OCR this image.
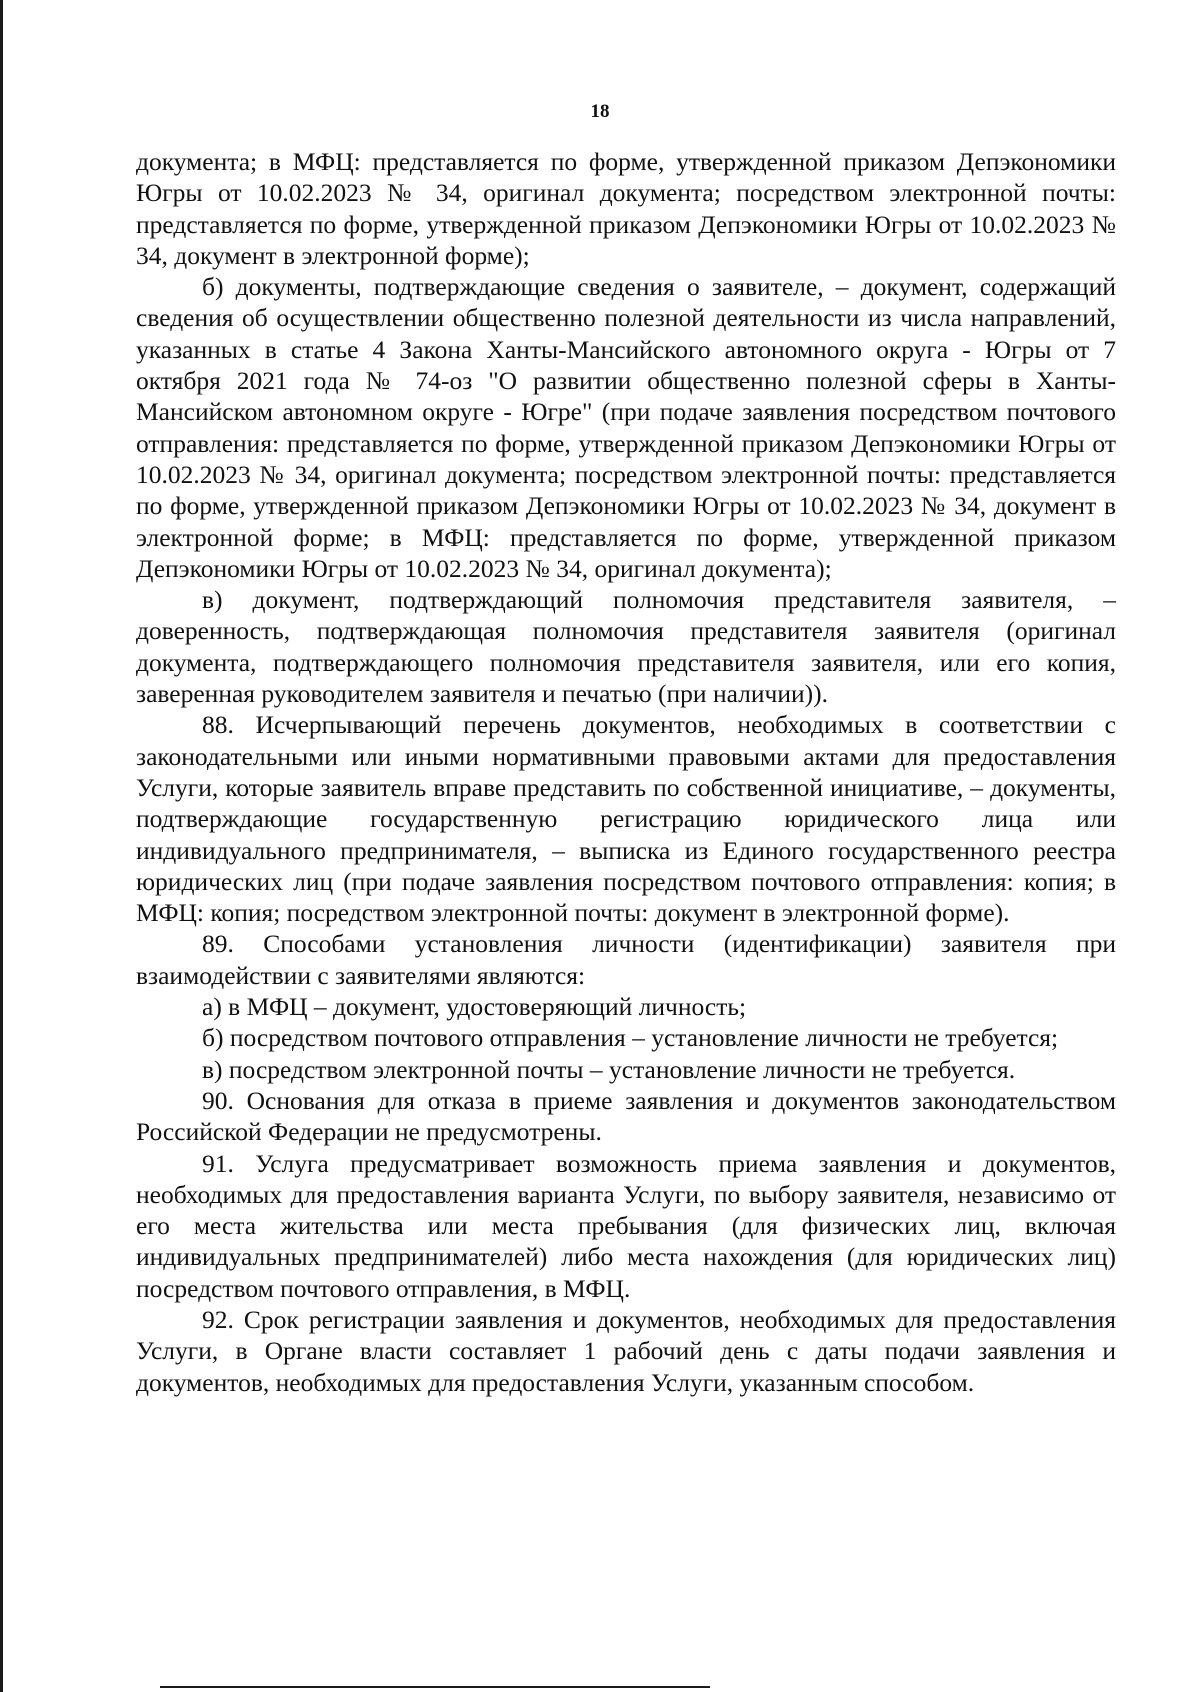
18

документа; в МФЦ: представляется по форме, утвержденной приказом Депэкономики Югры от 10.02.2023 № 34, оригинал документа; посредством электронной почты: представляется по форме, утвержденной приказом Депэкономики Югры от 10.02.2023 № 34, документ в электронной форме);

б) документы, подтверждающие сведения о заявителе, – документ, содержащий сведения об осуществлении общественно полезной деятельности из числа направлений, указанных в статье 4 Закона Ханты-Мансийского автономного округа - Югры от 7 октября 2021 года № 74-оз "О развитии общественно полезной сферы в Ханты-Мансийском автономном округе - Югре" (при подаче заявления посредством почтового отправления: представляется по форме, утвержденной приказом Депэкономики Югры от 10.02.2023 № 34, оригинал документа; посредством электронной почты: представляется по форме, утвержденной приказом Депэкономики Югры от 10.02.2023 № 34, документ в электронной форме; в МФЦ: представляется по форме, утвержденной приказом Депэкономики Югры от 10.02.2023 № 34, оригинал документа);

в) документ, подтверждающий полномочия представителя заявителя, – доверенность, подтверждающая полномочия представителя заявителя (оригинал документа, подтверждающего полномочия представителя заявителя, или его копия, заверенная руководителем заявителя и печатью (при наличии)).

88. Исчерпывающий перечень документов, необходимых в соответствии с законодательными или иными нормативными правовыми актами для предоставления Услуги, которые заявитель вправе представить по собственной инициативе, – документы, подтверждающие государственную регистрацию юридического лица или индивидуального предпринимателя, – выписка из Единого государственного реестра юридических лиц (при подаче заявления посредством почтового отправления: копия; в МФЦ: копия; посредством электронной почты: документ в электронной форме).

89. Способами установления личности (идентификации) заявителя при взаимодействии с заявителями являются:

а) в МФЦ – документ, удостоверяющий личность;

б) посредством почтового отправления – установление личности не требуется;

в) посредством электронной почты – установление личности не требуется.

90. Основания для отказа в приеме заявления и документов законодательством Российской Федерации не предусмотрены.

91. Услуга предусматривает возможность приема заявления и документов, необходимых для предоставления варианта Услуги, по выбору заявителя, независимо от его места жительства или места пребывания (для физических лиц, включая индивидуальных предпринимателей) либо места нахождения (для юридических лиц) посредством почтового отправления, в МФЦ.

92. Срок регистрации заявления и документов, необходимых для предоставления Услуги, в Органе власти составляет 1 рабочий день с даты подачи заявления и документов, необходимых для предоставления Услуги, указанным способом.
